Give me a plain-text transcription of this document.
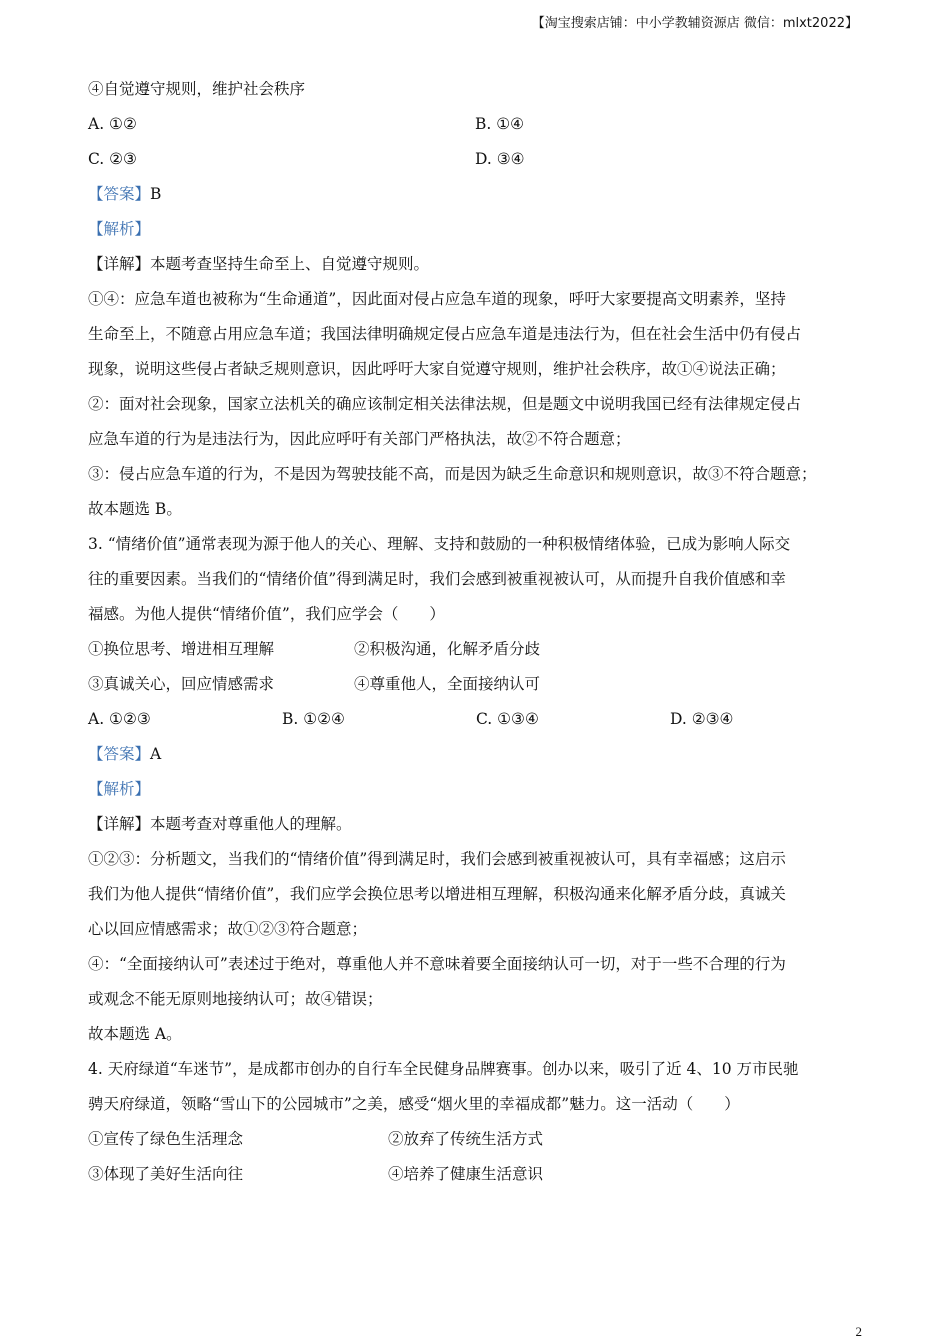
【淘宝搜索店铺：中小学教辅资源店 微信：mlxt2022】
④自觉遵守规则，维护社会秩序
A. ①②	B. ①④
C. ②③	D. ③④
【答案】B
【解析】
【详解】本题考查坚持生命至上、自觉遵守规则。
①④：应急车道也被称为“生命通道”，因此面对侵占应急车道的现象，呼吁大家要提高文明素养，坚持
生命至上，不随意占用应急车道；我国法律明确规定侵占应急车道是违法行为，但在社会生活中仍有侵占
现象，说明这些侵占者缺乏规则意识，因此呼吁大家自觉遵守规则，维护社会秩序，故①④说法正确；
②：面对社会现象，国家立法机关的确应该制定相关法律法规，但是题文中说明我国已经有法律规定侵占
应急车道的行为是违法行为，因此应呼吁有关部门严格执法，故②不符合题意；
③：侵占应急车道的行为，不是因为驾驶技能不高，而是因为缺乏生命意识和规则意识，故③不符合题意；
故本题选 B。
3. “情绪价值”通常表现为源于他人的关心、理解、支持和鼓励的一种积极情绪体验，已成为影响人际交
往的重要因素。当我们的“情绪价值”得到满足时，我们会感到被重视被认可，从而提升自我价值感和幸
福感。为他人提供“情绪价值”，我们应学会（　　）
①换位思考、增进相互理解	②积极沟通，化解矛盾分歧
③真诚关心，回应情感需求	④尊重他人，全面接纳认可
A. ①②③	B. ①②④	C. ①③④	D. ②③④
【答案】A
【解析】
【详解】本题考查对尊重他人的理解。
①②③：分析题文，当我们的“情绪价值”得到满足时，我们会感到被重视被认可，具有幸福感；这启示
我们为他人提供“情绪价值”，我们应学会换位思考以增进相互理解，积极沟通来化解矛盾分歧，真诚关
心以回应情感需求；故①②③符合题意；
④：“全面接纳认可”表述过于绝对，尊重他人并不意味着要全面接纳认可一切，对于一些不合理的行为
或观念不能无原则地接纳认可；故④错误；
故本题选 A。
4. 天府绿道“车迷节”，是成都市创办的自行车全民健身品牌赛事。创办以来，吸引了近 4、10 万市民驰
骋天府绿道，领略“雪山下的公园城市”之美，感受“烟火里的幸福成都”魅力。这一活动（　　）
①宣传了绿色生活理念	②放弃了传统生活方式
③体现了美好生活向往	④培养了健康生活意识
2
